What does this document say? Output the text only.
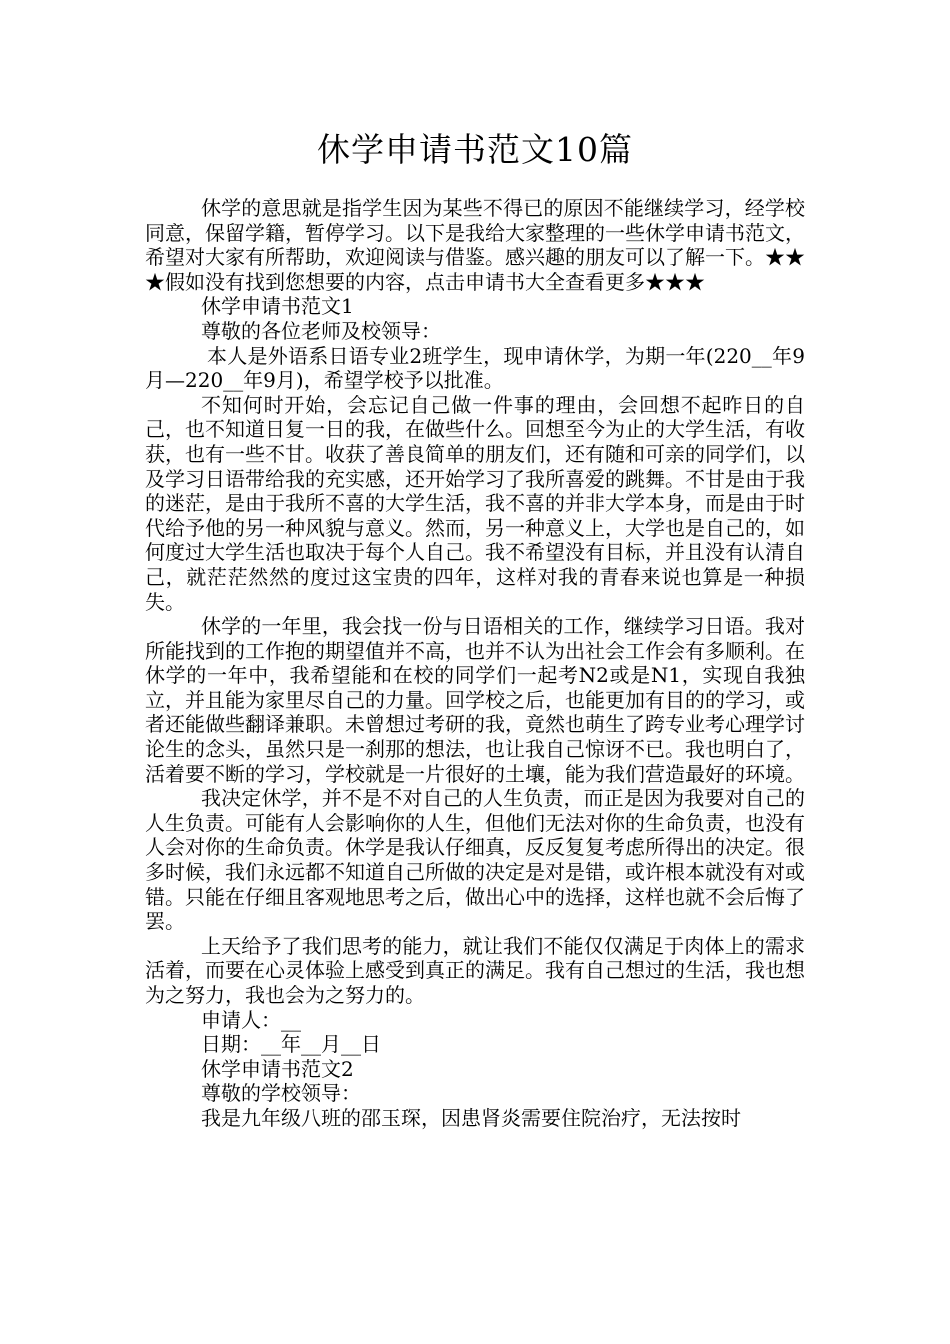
休学申请书范文10篇

休学的意思就是指学生因为某些不得已的原因不能继续学习，经学校同意，保留学籍，暂停学习。以下是我给大家整理的一些休学申请书范文，希望对大家有所帮助，欢迎阅读与借鉴。感兴趣的朋友可以了解一下。★★★假如没有找到您想要的内容，点击申请书大全查看更多★★★

休学申请书范文1

尊敬的各位老师及校领导：

本人是外语系日语专业2班学生，现申请休学，为期一年(220__年9月—220__年9月)，希望学校予以批准。

不知何时开始，会忘记自己做一件事的理由，会回想不起昨日的自己，也不知道日复一日的我，在做些什么。回想至今为止的大学生活，有收获，也有一些不甘。收获了善良简单的朋友们，还有随和可亲的同学们，以及学习日语带给我的充实感，还开始学习了我所喜爱的跳舞。不甘是由于我的迷茫，是由于我所不喜的大学生活，我不喜的并非大学本身，而是由于时代给予他的另一种风貌与意义。然而，另一种意义上，大学也是自己的，如何度过大学生活也取决于每个人自己。我不希望没有目标，并且没有认清自己，就茫茫然然的度过这宝贵的四年，这样对我的青春来说也算是一种损失。

休学的一年里，我会找一份与日语相关的工作，继续学习日语。我对所能找到的工作抱的期望值并不高，也并不认为出社会工作会有多顺利。在休学的一年中，我希望能和在校的同学们一起考N2或是N1，实现自我独立，并且能为家里尽自己的力量。回学校之后，也能更加有目的的学习，或者还能做些翻译兼职。未曾想过考研的我，竟然也萌生了跨专业考心理学讨论生的念头，虽然只是一刹那的想法，也让我自己惊讶不已。我也明白了，活着要不断的学习，学校就是一片很好的土壤，能为我们营造最好的环境。

我决定休学，并不是不对自己的人生负责，而正是因为我要对自己的人生负责。可能有人会影响你的人生，但他们无法对你的生命负责，也没有人会对你的生命负责。休学是我认仔细真，反反复复考虑所得出的决定。很多时候，我们永远都不知道自己所做的决定是对是错，或许根本就没有对或错。只能在仔细且客观地思考之后，做出心中的选择，这样也就不会后悔了罢。

上天给予了我们思考的能力，就让我们不能仅仅满足于肉体上的需求活着，而要在心灵体验上感受到真正的满足。我有自己想过的生活，我也想为之努力，我也会为之努力的。

申请人：__

日期：__年__月__日

休学申请书范文2

尊敬的学校领导：

我是九年级八班的邵玉琛，因患肾炎需要住院治疗，无法按时
